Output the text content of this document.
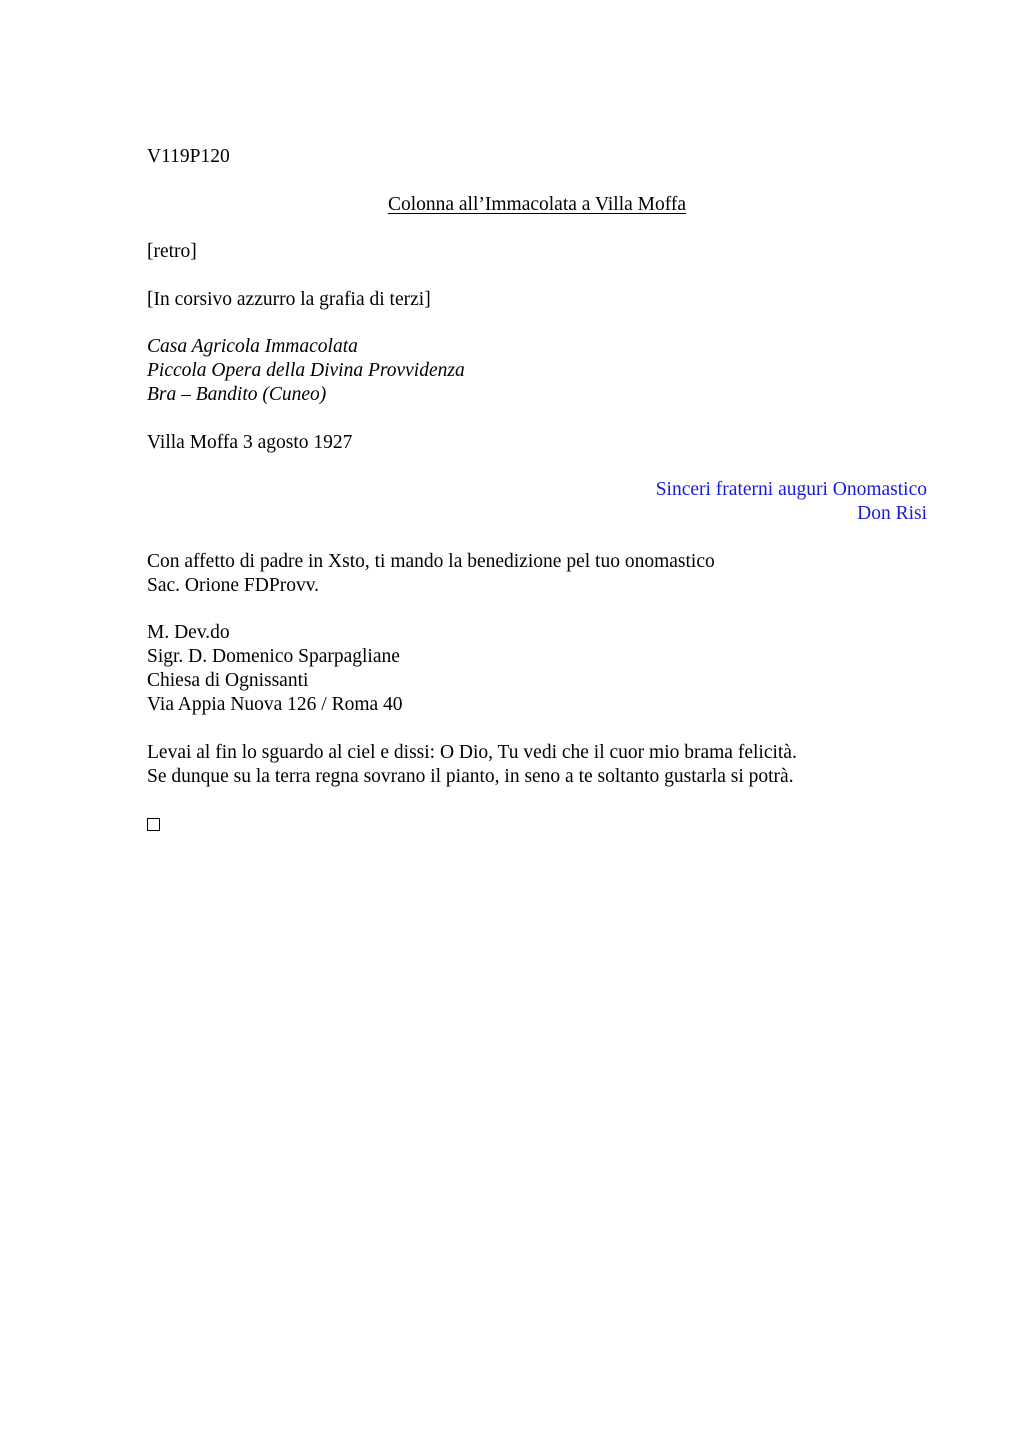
V119P120
Colonna all’Immacolata a Villa Moffa
[retro]
[In corsivo azzurro la grafia di terzi]
Casa Agricola Immacolata
Piccola Opera della Divina Provvidenza
Bra – Bandito (Cuneo)
Villa Moffa 3 agosto 1927
Sinceri fraterni auguri Onomastico
Don Risi
Con affetto di padre in Xsto, ti mando la benedizione pel tuo onomastico
Sac. Orione FDProvv.
M. Dev.do
Sigr. D. Domenico Sparpagliane
Chiesa di Ognissanti
Via Appia Nuova 126 / Roma 40
Levai al fin lo sguardo al ciel e dissi: O Dio, Tu vedi che il cuor mio brama felicità.
Se dunque su la terra regna sovrano il pianto, in seno a te soltanto gustarla si potrà.
